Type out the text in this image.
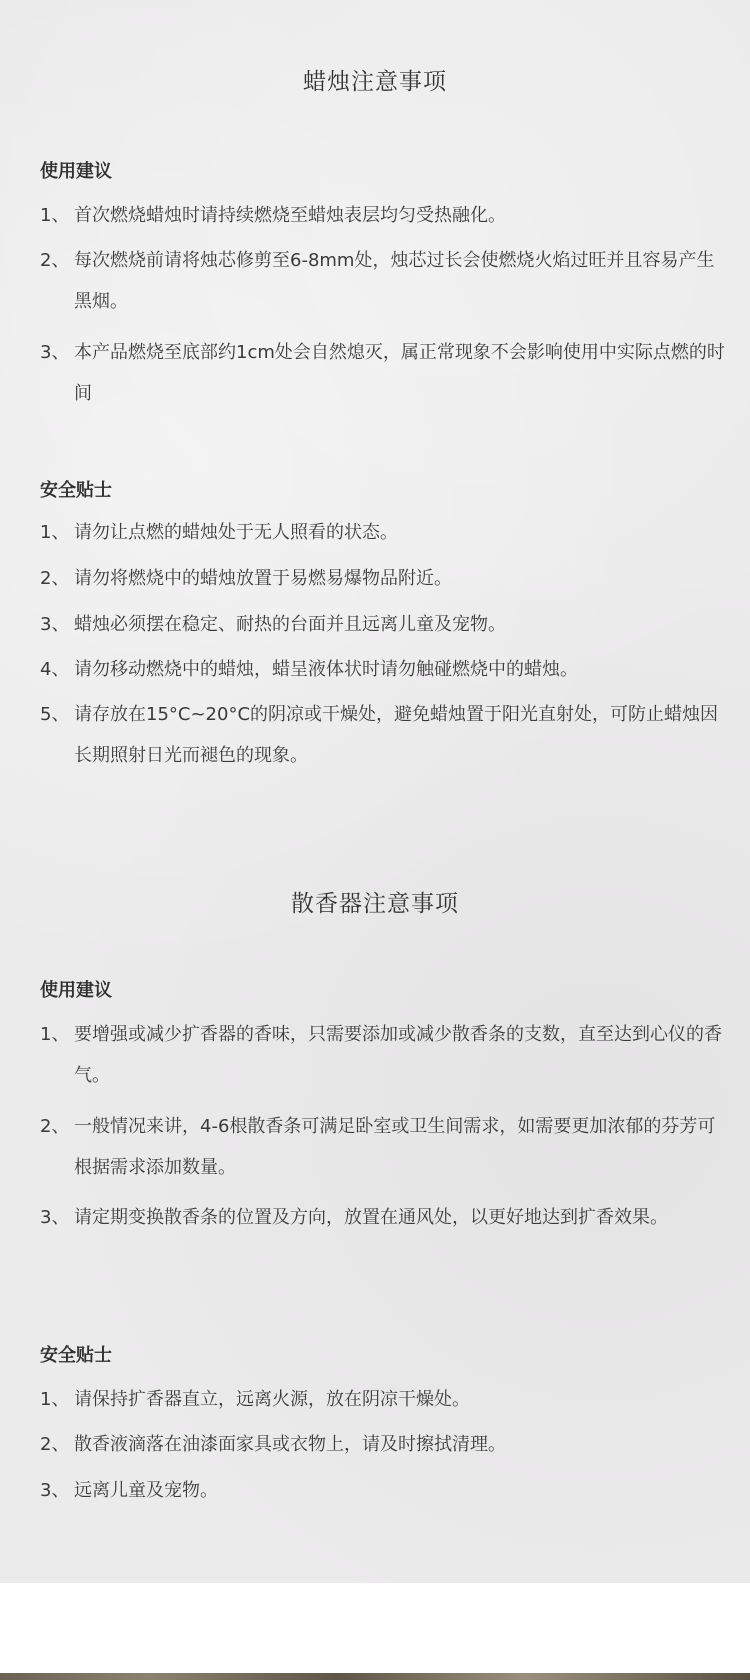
蜡烛注意事项
使用建议
1、 首次燃烧蜡烛时请持续燃烧至蜡烛表层均匀受热融化。
2、 每次燃烧前请将烛芯修剪至6-8mm处，烛芯过长会使燃烧火焰过旺并且容易产生黑烟。
3、 本产品燃烧至底部约1cm处会自然熄灭，属正常现象不会影响使用中实际点燃的时间
安全贴士
1、 请勿让点燃的蜡烛处于无人照看的状态。
2、 请勿将燃烧中的蜡烛放置于易燃易爆物品附近。
3、 蜡烛必须摆在稳定、耐热的台面并且远离儿童及宠物。
4、 请勿移动燃烧中的蜡烛，蜡呈液体状时请勿触碰燃烧中的蜡烛。
5、 请存放在15°C~20°C的阴凉或干燥处，避免蜡烛置于阳光直射处，可防止蜡烛因长期照射日光而褪色的现象。
散香器注意事项
使用建议
1、 要增强或减少扩香器的香味，只需要添加或减少散香条的支数，直至达到心仪的香气。
2、 一般情况来讲，4-6根散香条可满足卧室或卫生间需求，如需要更加浓郁的芬芳可根据需求添加数量。
3、 请定期变换散香条的位置及方向，放置在通风处，以更好地达到扩香效果。
安全贴士
1、 请保持扩香器直立，远离火源，放在阴凉干燥处。
2、 散香液滴落在油漆面家具或衣物上，请及时擦拭清理。
3、 远离儿童及宠物。
